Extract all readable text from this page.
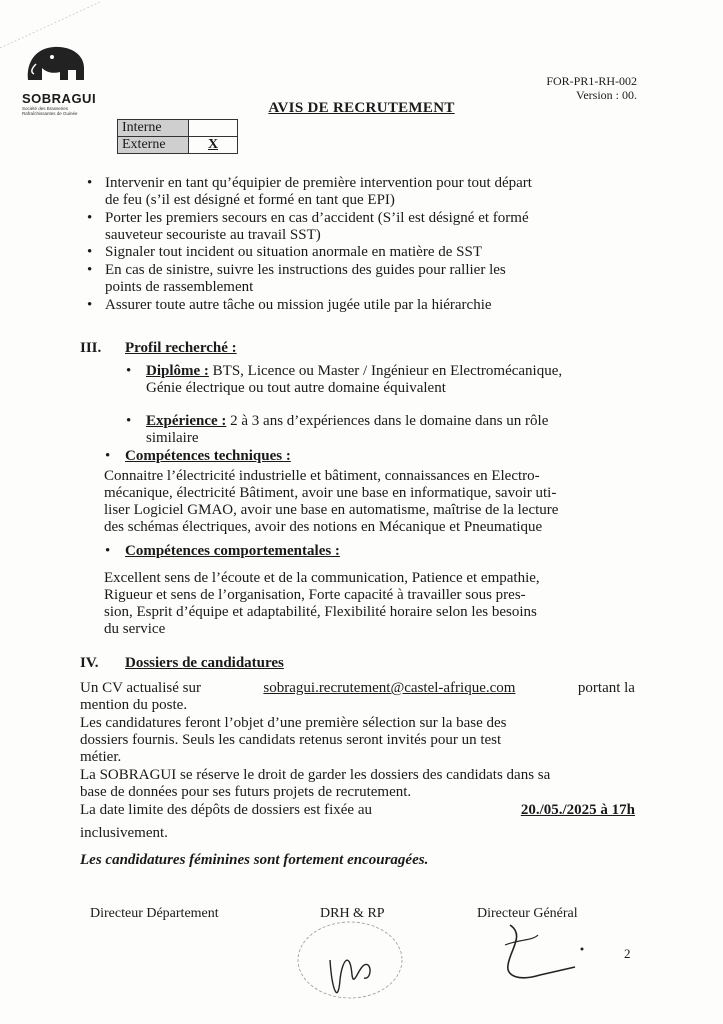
SOBRAGUI
Société des Brasseries Rafraîchissantes de Guinée
FOR-PR1-RH-002
Version : 00.
AVIS DE RECRUTEMENT
Interne	
Externe	X
• Intervenir en tant qu’équipier de première intervention pour tout départ
de feu (s’il est désigné et formé en tant que EPI)
• Porter les premiers secours en cas d’accident (S’il est désigné et formé
sauveteur secouriste au travail SST)
• Signaler tout incident ou situation anormale en matière de SST
• En cas de sinistre, suivre les instructions des guides pour rallier les
points de rassemblement
• Assurer toute autre tâche ou mission jugée utile par la hiérarchie
III. Profil recherché :
• Diplôme : BTS, Licence ou Master / Ingénieur en Electromécanique,
Génie électrique ou tout autre domaine équivalent
• Expérience : 2 à 3 ans d’expériences dans le domaine dans un rôle
similaire
• Compétences techniques :
Connaitre l’électricité industrielle et bâtiment, connaissances en Electro-
mécanique, électricité Bâtiment, avoir une base en informatique, savoir uti-
liser Logiciel GMAO, avoir une base en automatisme, maîtrise de la lecture
des schémas électriques, avoir des notions en Mécanique et Pneumatique
• Compétences comportementales :
Excellent sens de l’écoute et de la communication, Patience et empathie,
Rigueur et sens de l’organisation, Forte capacité à travailler sous pres-
sion, Esprit d’équipe et adaptabilité, Flexibilité horaire selon les besoins
du service
IV. Dossiers de candidatures
Un CV actualisé sur	sobragui.recrutement@castel-afrique.com	portant la
mention du poste.
Les candidatures feront l’objet d’une première sélection sur la base des
dossiers fournis. Seuls les candidats retenus seront invités pour un test
métier.
La SOBRAGUI se réserve le droit de garder les dossiers des candidats dans sa
base de données pour ses futurs projets de recrutement.
La date limite des dépôts de dossiers est fixée au	20./05./2025 à 17h
inclusivement.
Les candidatures féminines sont fortement encouragées.
Directeur Département	DRH & RP	Directeur Général
2
